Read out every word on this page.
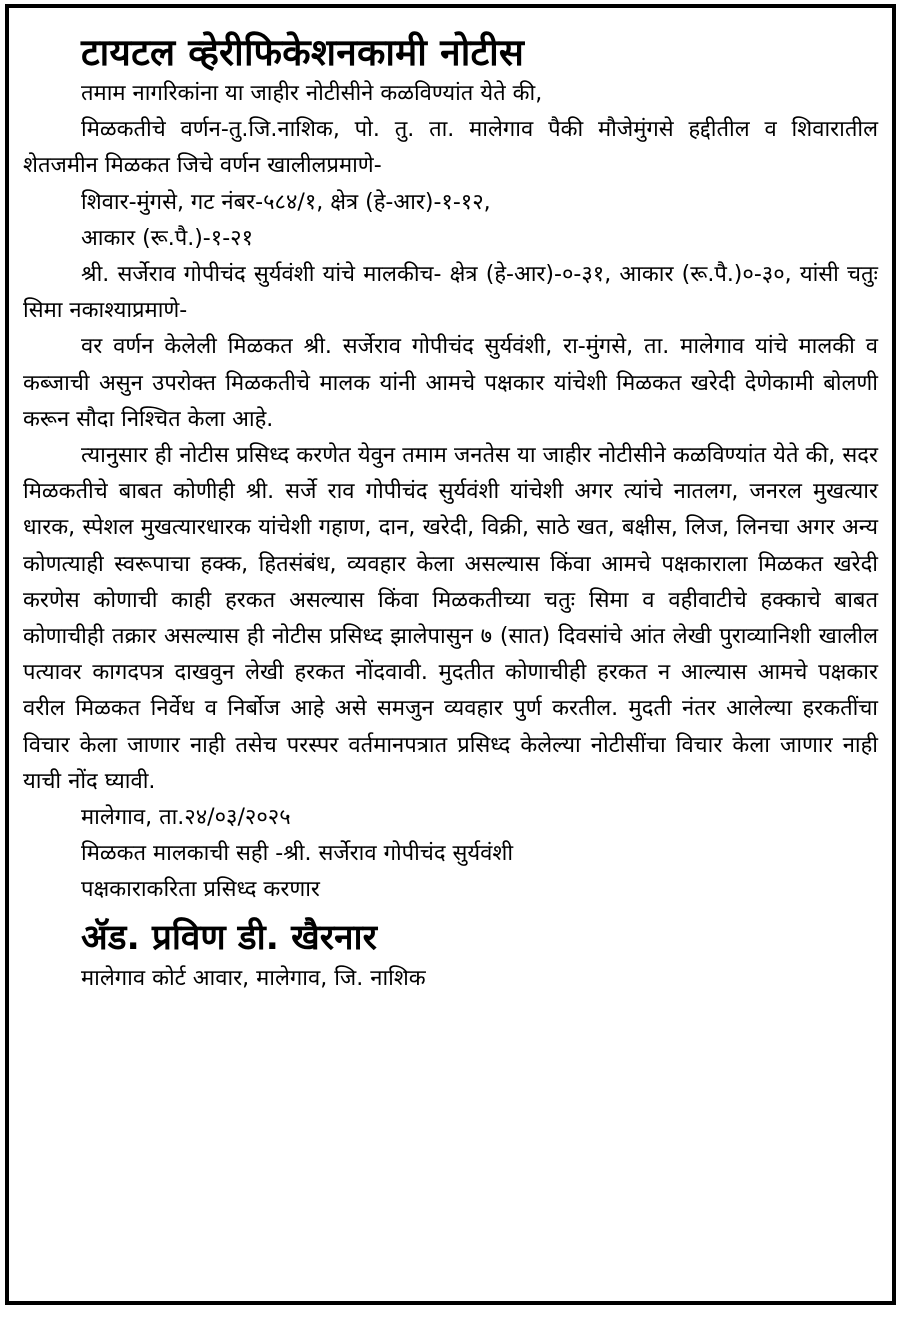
टायटल व्हेरीफिकेशनकामी नोटीस

तमाम नागरिकांना या जाहीर नोटीसीने कळविण्यांत येते की,

मिळकतीचे वर्णन-तु.जि.नाशिक, पो. तु. ता. मालेगाव पैकी मौजेमुंगसे हद्दीतील व शिवारातील शेतजमीन मिळकत जिचे वर्णन खालीलप्रमाणे-

शिवार-मुंगसे, गट नंबर-५८४/१, क्षेत्र (हे-आर)-१-१२,

आकार (रू.पै.)-१-२१

श्री. सर्जेराव गोपीचंद सुर्यवंशी यांचे मालकीच- क्षेत्र (हे-आर)-०-३१, आकार (रू.पै.)०-३०, यांसी चतुः सिमा नकाश्याप्रमाणे-

वर वर्णन केलेली मिळकत श्री. सर्जेराव गोपीचंद सुर्यवंशी, रा-मुंगसे, ता. मालेगाव यांचे मालकी व कब्जाची असुन उपरोक्त मिळकतीचे मालक यांनी आमचे पक्षकार यांचेशी मिळकत खरेदी देणेकामी बोलणी करून सौदा निश्चित केला आहे.

त्यानुसार ही नोटीस प्रसिध्द करणेत येवुन तमाम जनतेस या जाहीर नोटीसीने कळविण्यांत येते की, सदर मिळकतीचे बाबत कोणीही श्री. सर्जे राव गोपीचंद सुर्यवंशी यांचेशी अगर त्यांचे नातलग, जनरल मुखत्यार धारक, स्पेशल मुखत्यारधारक यांचेशी गहाण, दान, खरेदी, विक्री, साठे खत, बक्षीस, लिज, लिनचा अगर अन्य कोणत्याही स्वरूपाचा हक्क, हितसंबंध, व्यवहार केला असल्यास किंवा आमचे पक्षकाराला मिळकत खरेदी करणेस कोणाची काही हरकत असल्यास किंवा मिळकतीच्या चतुः सिमा व वहीवाटीचे हक्काचे बाबत कोणाचीही तक्रार असल्यास ही नोटीस प्रसिध्द झालेपासुन ७ (सात) दिवसांचे आंत लेखी पुराव्यानिशी खालील पत्यावर कागदपत्र दाखवुन लेखी हरकत नोंदवावी. मुदतीत कोणाचीही हरकत न आल्यास आमचे पक्षकार वरील मिळकत निर्वेध व निर्बोज आहे असे समजुन व्यवहार पुर्ण करतील. मुदती नंतर आलेल्या हरकतींचा विचार केला जाणार नाही तसेच परस्पर वर्तमानपत्रात प्रसिध्द केलेल्या नोटीसींचा विचार केला जाणार नाही याची नोंद घ्यावी.

मालेगाव, ता.२४/०३/२०२५

मिळकत मालकाची सही -श्री. सर्जेराव गोपीचंद सुर्यवंशी

पक्षकाराकरिता प्रसिध्द करणार

ॲड. प्रविण डी. खैरनार
मालेगाव कोर्ट आवार, मालेगाव, जि. नाशिक
